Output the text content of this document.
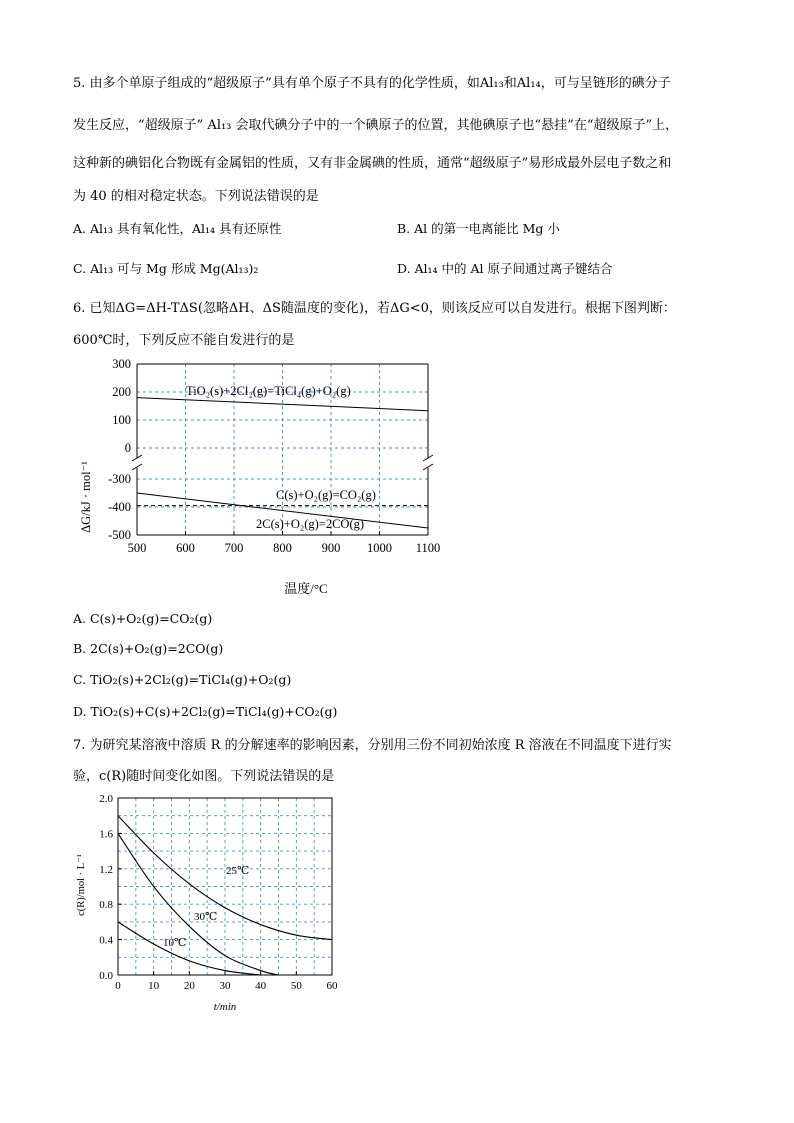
5. 由多个单原子组成的“超级原子”具有单个原子不具有的化学性质，如Al₁₃和Al₁₄，可与呈链形的碘分子
发生反应，“超级原子” Al₁₃ 会取代碘分子中的一个碘原子的位置，其他碘原子也“悬挂”在“超级原子”上，
这种新的碘铝化合物既有金属铝的性质，又有非金属碘的性质，通常“超级原子”易形成最外层电子数之和
为 40 的相对稳定状态。下列说法错误的是
A. Al₁₃ 具有氧化性，Al₁₄ 具有还原性	B. Al 的第一电离能比 Mg 小
C. Al₁₃ 可与 Mg 形成 Mg(Al₁₃)₂	D. Al₁₄ 中的 Al 原子间通过离子键结合
6. 已知ΔG=ΔH-TΔS(忽略ΔH、ΔS随温度的变化)，若ΔG<0，则该反应可以自发进行。根据下图判断：
600℃时，下列反应不能自发进行的是
500 600 700 800 900 1000 1100
300
200
100
0
-300
-400
-500
TiO₂(s)+2Cl₂(g)=TiCl₄(g)+O₂(g)
C(s)+O₂(g)=CO₂(g)
2C(s)+O₂(g)=2CO(g)
ΔG/kJ · mol⁻¹
温度/°C
A. C(s)+O₂(g)=CO₂(g)
B. 2C(s)+O₂(g)=2CO(g)
C. TiO₂(s)+2Cl₂(g)=TiCl₄(g)+O₂(g)
D. TiO₂(s)+C(s)+2Cl₂(g)=TiCl₄(g)+CO₂(g)
7. 为研究某溶液中溶质 R 的分解速率的影响因素，分别用三份不同初始浓度 R 溶液在不同温度下进行实
验，c(R)随时间变化如图。下列说法错误的是
0 10 20 30 40 50 60
0.0
0.4
0.8
1.2
1.6
2.0
25℃
30℃
10℃
c(R)/mol · L⁻¹
t/min
